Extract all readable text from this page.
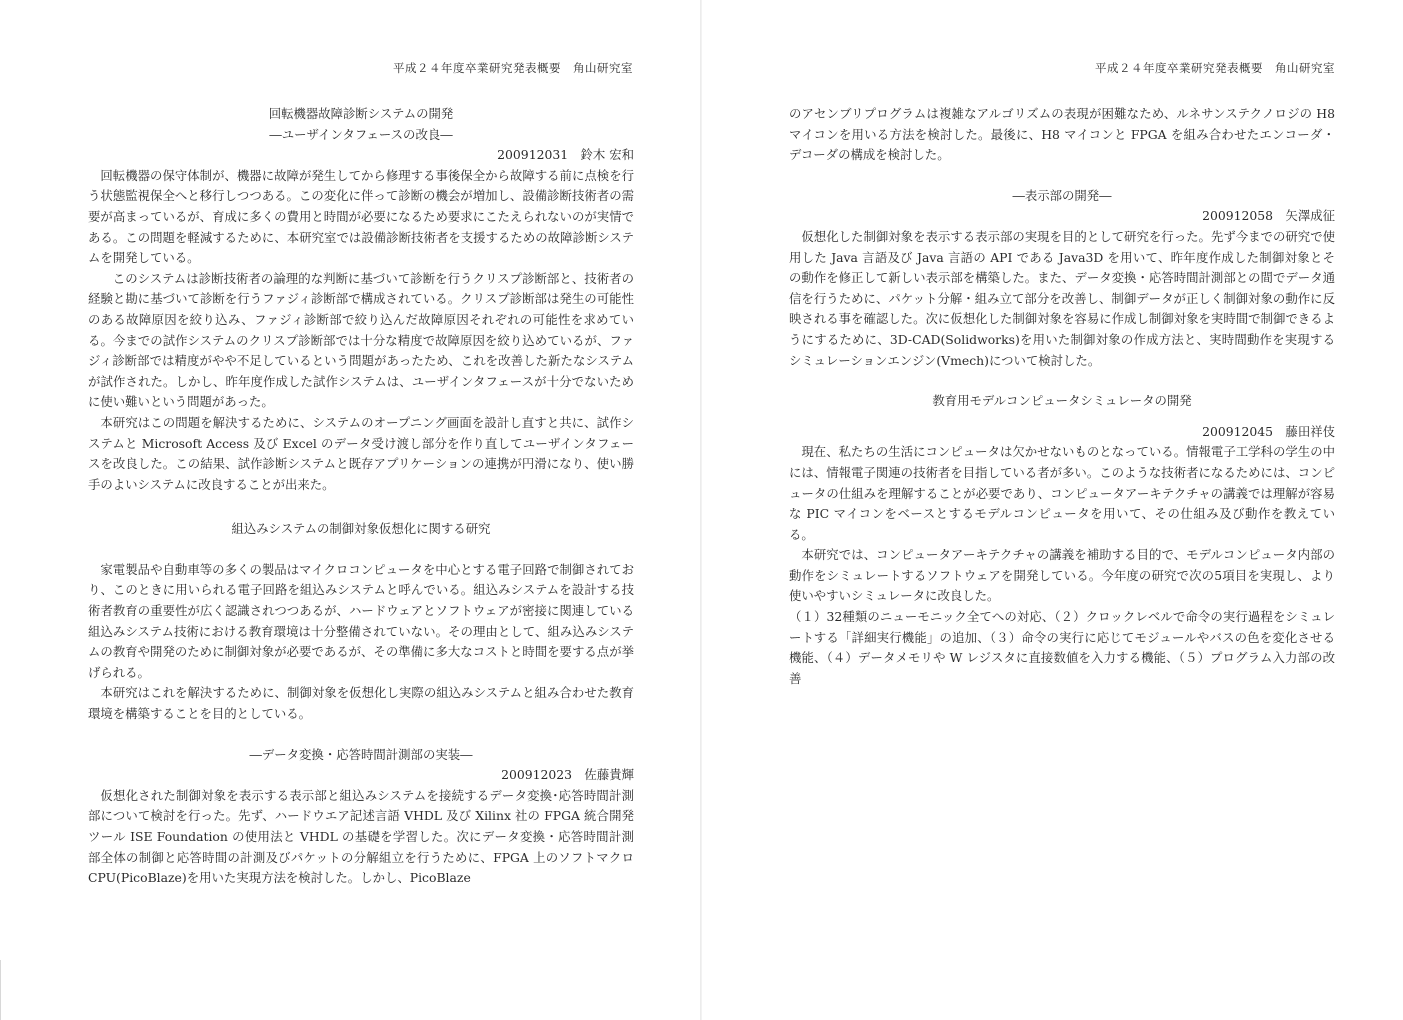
平成２４年度卒業研究発表概要　角山研究室
回転機器故障診断システムの開発
―ユーザインタフェースの改良―
200912031　鈴木 宏和

回転機器の保守体制が、機器に故障が発生してから修理する事後保全から故障する前に点検を行う状態監視保全へと移行しつつある。この変化に伴って診断の機会が増加し、設備診断技術者の需要が高まっているが、育成に多くの費用と時間が必要になるため要求にこたえられないのが実情である。この問題を軽減するために、本研究室では設備診断技術者を支援するための故障診断システムを開発している。

このシステムは診断技術者の論理的な判断に基づいて診断を行うクリスプ診断部と、技術者の経験と勘に基づいて診断を行うファジィ診断部で構成されている。クリスプ診断部は発生の可能性のある故障原因を絞り込み、ファジィ診断部で絞り込んだ故障原因それぞれの可能性を求めている。今までの試作システムのクリスプ診断部では十分な精度で故障原因を絞り込めているが、ファジィ診断部では精度がやや不足しているという問題があったため、これを改善した新たなシステムが試作された。しかし、昨年度作成した試作システムは、ユーザインタフェースが十分でないために使い難いという問題があった。

本研究はこの問題を解決するために、システムのオープニング画面を設計し直すと共に、試作システムと Microsoft Access 及び Excel のデータ受け渡し部分を作り直してユーザインタフェースを改良した。この結果、試作診断システムと既存アプリケーションの連携が円滑になり、使い勝手のよいシステムに改良することが出来た。

組込みシステムの制御対象仮想化に関する研究

家電製品や自動車等の多くの製品はマイクロコンピュータを中心とする電子回路で制御されており、このときに用いられる電子回路を組込みシステムと呼んでいる。組込みシステムを設計する技術者教育の重要性が広く認識されつつあるが、ハードウェアとソフトウェアが密接に関連している組込みシステム技術における教育環境は十分整備されていない。その理由として、組み込みシステムの教育や開発のために制御対象が必要であるが、その準備に多大なコストと時間を要する点が挙げられる。

本研究はこれを解決するために、制御対象を仮想化し実際の組込みシステムと組み合わせた教育環境を構築することを目的としている。

―データ変換・応答時間計測部の実装―
200912023　佐藤貴輝

仮想化された制御対象を表示する表示部と組込みシステムを接続するデータ変換･応答時間計測部について検討を行った。先ず、ハードウエア記述言語 VHDL 及び Xilinx 社の FPGA 統合開発ツール ISE Foundation の使用法と VHDL の基礎を学習した。次にデータ変換・応答時間計測部全体の制御と応答時間の計測及びパケットの分解組立を行うために、FPGA 上のソフトマクロ CPU(PicoBlaze)を用いた実現方法を検討した。しかし、PicoBlaze

平成２４年度卒業研究発表概要　角山研究室

のアセンブリプログラムは複雑なアルゴリズムの表現が困難なため、ルネサンステクノロジの H8 マイコンを用いる方法を検討した。最後に、H8 マイコンと FPGA を組み合わせたエンコーダ・デコーダの構成を検討した。

―表示部の開発―
200912058　矢澤成征

仮想化した制御対象を表示する表示部の実現を目的として研究を行った。先ず今までの研究で使用した Java 言語及び Java 言語の API である Java3D を用いて、昨年度作成した制御対象とその動作を修正して新しい表示部を構築した。また、データ変換・応答時間計測部との間でデータ通信を行うために、パケット分解・組み立て部分を改善し、制御データが正しく制御対象の動作に反映される事を確認した。次に仮想化した制御対象を容易に作成し制御対象を実時間で制御できるようにするために、3D-CAD(Solidworks)を用いた制御対象の作成方法と、実時間動作を実現するシミュレーションエンジン(Vmech)について検討した。

教育用モデルコンピュータシミュレータの開発
200912045　藤田祥伎

現在、私たちの生活にコンピュータは欠かせないものとなっている。情報電子工学科の学生の中には、情報電子関連の技術者を目指している者が多い。このような技術者になるためには、コンピュータの仕組みを理解することが必要であり、コンピュータアーキテクチャの講義では理解が容易な PIC マイコンをベースとするモデルコンピュータを用いて、その仕組み及び動作を教えている。

本研究では、コンピュータアーキテクチャの講義を補助する目的で、モデルコンピュータ内部の動作をシミュレートするソフトウェアを開発している。今年度の研究で次の5項目を実現し、より使いやすいシミュレータに改良した。

（１）32種類のニューモニック全てへの対応、（２）クロックレベルで命令の実行過程をシミュレートする「詳細実行機能」の追加、（３）命令の実行に応じてモジュールやバスの色を変化させる機能、（４）データメモリや W レジスタに直接数値を入力する機能、（５）プログラム入力部の改善
